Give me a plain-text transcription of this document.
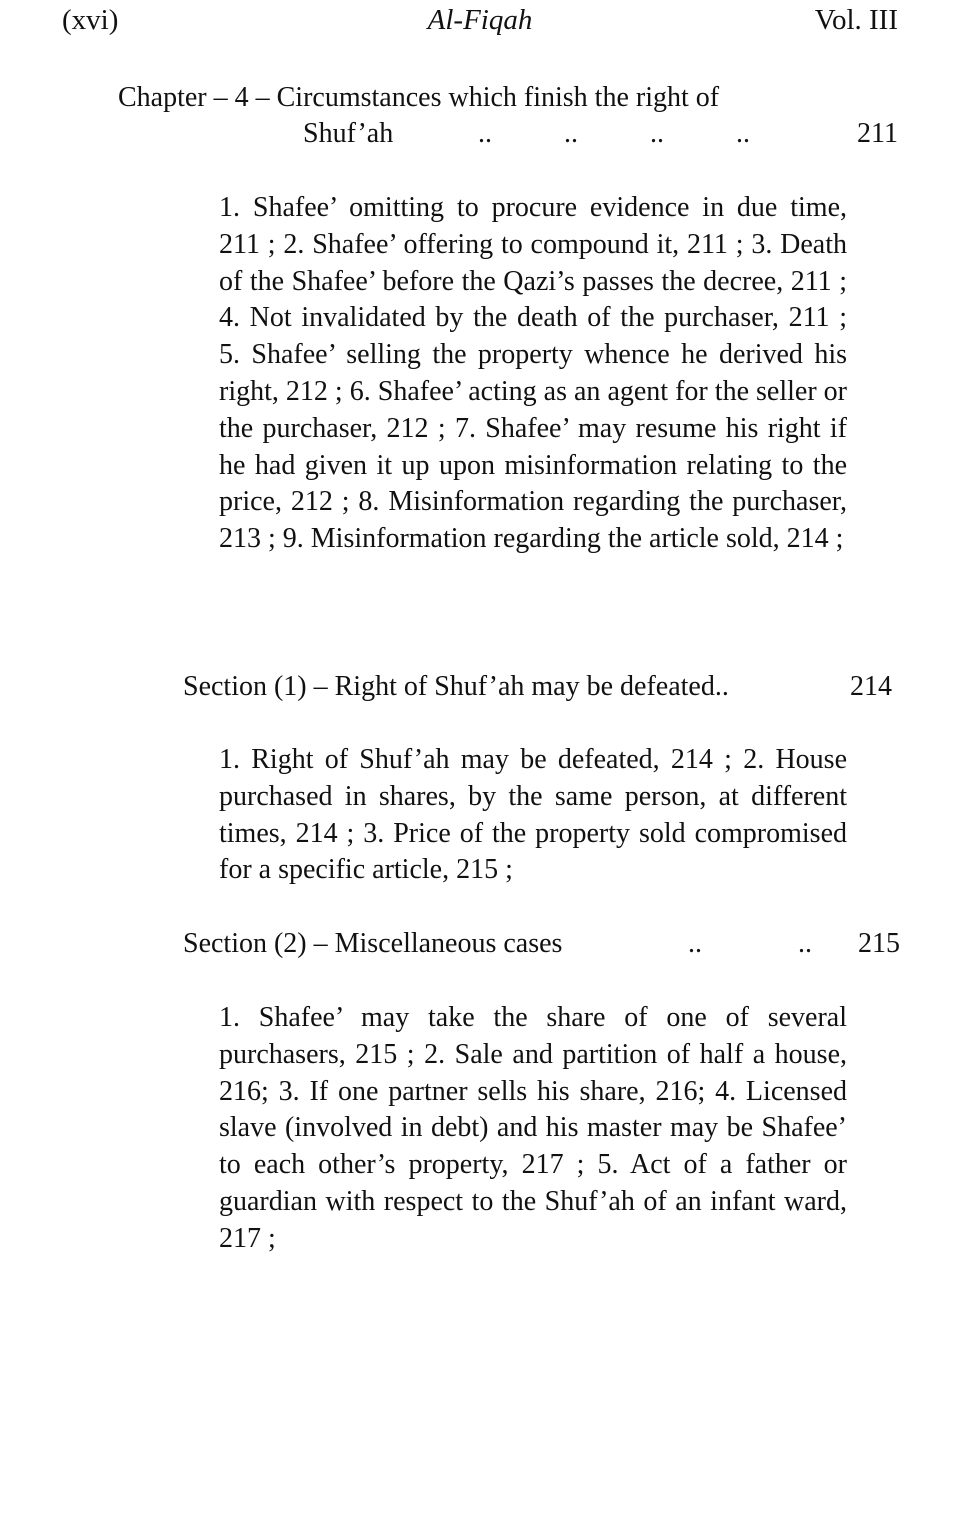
(xvi)	Al-Fiqah	Vol. III
Chapter – 4 – Circumstances which finish the right of
Shuf’ah	..	..	..	..	211

1. Shafee’ omitting to procure evidence in due time, 211 ; 2. Shafee’ offering to compound it, 211 ; 3. Death of the Shafee’ before the Qazi’s passes the decree, 211 ; 4. Not invalidated by the death of the purchaser, 211 ; 5. Shafee’ selling the property whence he derived his right, 212 ; 6. Shafee’ acting as an agent for the seller or the purchaser, 212 ; 7. Shafee’ may resume his right if he had given it up upon misinformation relating to the price, 212 ; 8. Misinformation regarding the purchaser, 213 ; 9. Misinformation regarding the article sold, 214 ;

Section (1) – Right of Shuf’ah may be defeated..	214

1. Right of Shuf’ah may be defeated, 214 ; 2. House purchased in shares, by the same person, at different times, 214 ; 3. Price of the property sold compromised for a specific article, 215 ;

Section (2) – Miscellaneous cases	..	.. 215

1. Shafee’ may take the share of one of several purchasers, 215 ; 2. Sale and partition of half a house, 216; 3. If one partner sells his share, 216; 4. Licensed slave (involved in debt) and his master may be Shafee’ to each other’s property, 217 ; 5. Act of a father or guardian with respect to the Shuf’ah of an infant ward, 217 ;
